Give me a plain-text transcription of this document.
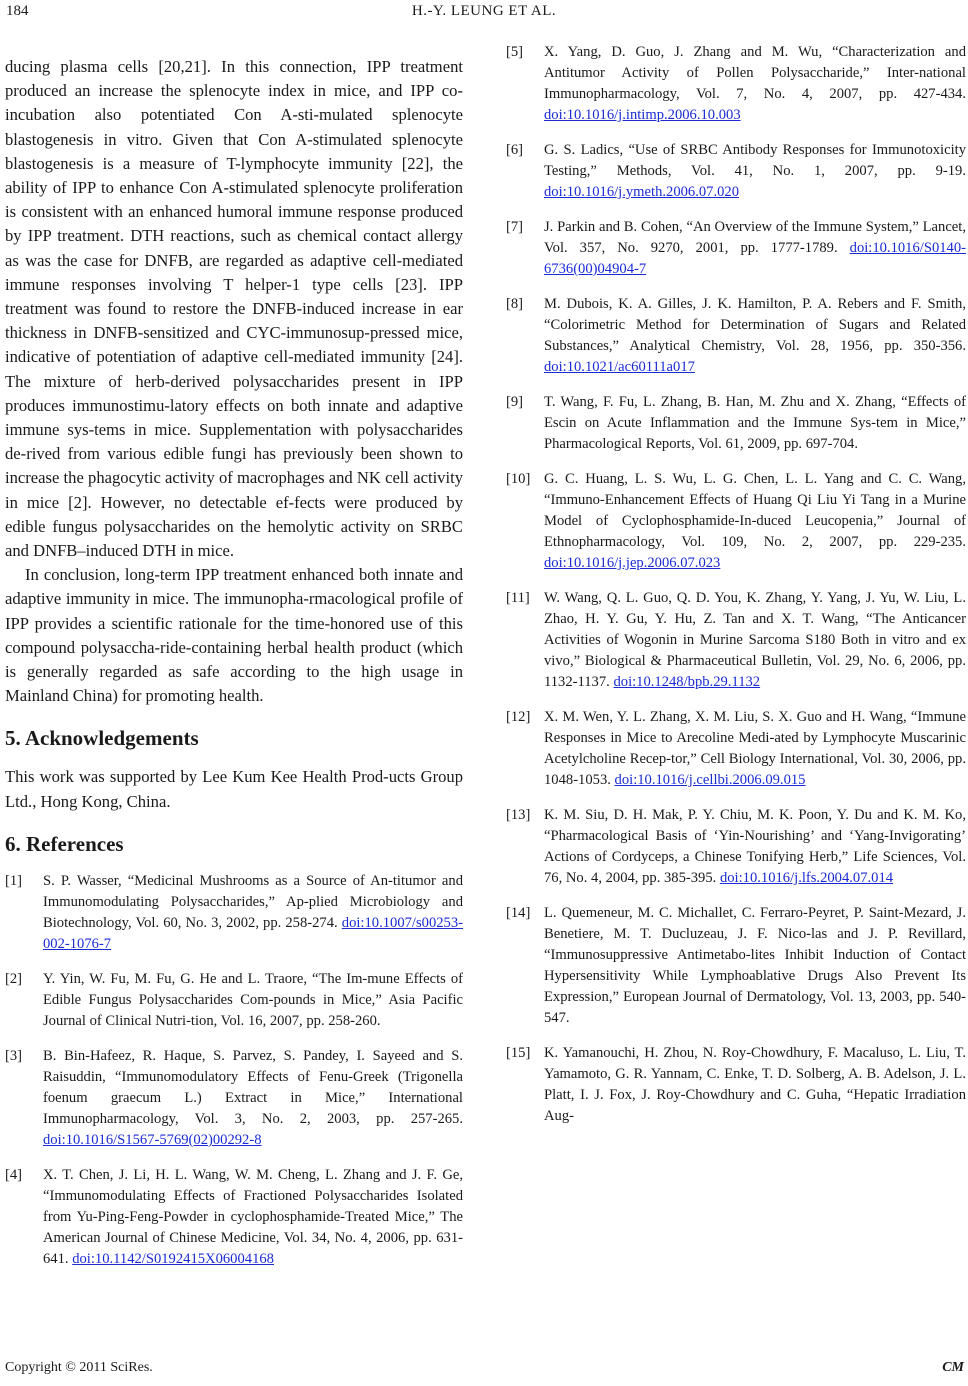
184	H.-Y. LEUNG ET AL.

ducing plasma cells [20,21]. In this connection, IPP treatment produced an increase the splenocyte index in mice, and IPP co-incubation also potentiated Con A-sti-mulated splenocyte blastogenesis in vitro. Given that Con A-stimulated splenocyte blastogenesis is a measure of T-lymphocyte immunity [22], the ability of IPP to enhance Con A-stimulated splenocyte proliferation is consistent with an enhanced humoral immune response produced by IPP treatment. DTH reactions, such as chemical contact allergy as was the case for DNFB, are regarded as adaptive cell-mediated immune responses involving T helper-1 type cells [23]. IPP treatment was found to restore the DNFB-induced increase in ear thickness in DNFB-sensitized and CYC-immunosup-pressed mice, indicative of potentiation of adaptive cell-mediated immunity [24]. The mixture of herb-derived polysaccharides present in IPP produces immunostimu-latory effects on both innate and adaptive immune sys-tems in mice. Supplementation with polysaccharides de-rived from various edible fungi has previously been shown to increase the phagocytic activity of macrophages and NK cell activity in mice [2]. However, no detectable ef-fects were produced by edible fungus polysaccharides on the hemolytic activity on SRBC and DNFB–induced DTH in mice.

In conclusion, long-term IPP treatment enhanced both innate and adaptive immunity in mice. The immunopha-rmacological profile of IPP provides a scientific rationale for the time-honored use of this compound polysaccha-ride-containing herbal health product (which is generally regarded as safe according to the high usage in Mainland China) for promoting health.

5. Acknowledgements

This work was supported by Lee Kum Kee Health Prod-ucts Group Ltd., Hong Kong, China.

6. References
[1]	S. P. Wasser, “Medicinal Mushrooms as a Source of An-titumor and Immunomodulating Polysaccharides,” Ap-plied Microbiology and Biotechnology, Vol. 60, No. 3, 2002, pp. 258-274. doi:10.1007/s00253-002-1076-7
[2]	Y. Yin, W. Fu, M. Fu, G. He and L. Traore, “The Im-mune Effects of Edible Fungus Polysaccharides Com-pounds in Mice,” Asia Pacific Journal of Clinical Nutri-tion, Vol. 16, 2007, pp. 258-260.
[3]	B. Bin-Hafeez, R. Haque, S. Parvez, S. Pandey, I. Sayeed and S. Raisuddin, “Immunomodulatory Effects of Fenu-Greek (Trigonella foenum graecum L.) Extract in Mice,” International Immunopharmacology, Vol. 3, No. 2, 2003, pp. 257-265. doi:10.1016/S1567-5769(02)00292-8
[4]	X. T. Chen, J. Li, H. L. Wang, W. M. Cheng, L. Zhang and J. F. Ge, “Immunomodulating Effects of Fractioned Polysaccharides Isolated from Yu-Ping-Feng-Powder in cyclophosphamide-Treated Mice,” The American Journal of Chinese Medicine, Vol. 34, No. 4, 2006, pp. 631-641. doi:10.1142/S0192415X06004168
[5]	X. Yang, D. Guo, J. Zhang and M. Wu, “Characterization and Antitumor Activity of Pollen Polysaccharide,” Inter-national Immunopharmacology, Vol. 7, No. 4, 2007, pp. 427-434. doi:10.1016/j.intimp.2006.10.003
[6]	G. S. Ladics, “Use of SRBC Antibody Responses for Immunotoxicity Testing,” Methods, Vol. 41, No. 1, 2007, pp. 9-19. doi:10.1016/j.ymeth.2006.07.020
[7]	J. Parkin and B. Cohen, “An Overview of the Immune System,” Lancet, Vol. 357, No. 9270, 2001, pp. 1777-1789. doi:10.1016/S0140-6736(00)04904-7
[8]	M. Dubois, K. A. Gilles, J. K. Hamilton, P. A. Rebers and F. Smith, “Colorimetric Method for Determination of Sugars and Related Substances,” Analytical Chemistry, Vol. 28, 1956, pp. 350-356. doi:10.1021/ac60111a017
[9]	T. Wang, F. Fu, L. Zhang, B. Han, M. Zhu and X. Zhang, “Effects of Escin on Acute Inflammation and the Immune Sys-tem in Mice,” Pharmacological Reports, Vol. 61, 2009, pp. 697-704.
[10] G. C. Huang, L. S. Wu, L. G. Chen, L. L. Yang and C. C. Wang, “Immuno-Enhancement Effects of Huang Qi Liu Yi Tang in a Murine Model of Cyclophosphamide-In-duced Leucopenia,” Journal of Ethnopharmacology, Vol. 109, No. 2, 2007, pp. 229-235. doi:10.1016/j.jep.2006.07.023
[11] W. Wang, Q. L. Guo, Q. D. You, K. Zhang, Y. Yang, J. Yu, W. Liu, L. Zhao, H. Y. Gu, Y. Hu, Z. Tan and X. T. Wang, “The Anticancer Activities of Wogonin in Murine Sarcoma S180 Both in vitro and ex vivo,” Biological & Pharmaceutical Bulletin, Vol. 29, No. 6, 2006, pp. 1132-1137. doi:10.1248/bpb.29.1132
[12] X. M. Wen, Y. L. Zhang, X. M. Liu, S. X. Guo and H. Wang, “Immune Responses in Mice to Arecoline Medi-ated by Lymphocyte Muscarinic Acetylcholine Recep-tor,” Cell Biology International, Vol. 30, 2006, pp. 1048-1053. doi:10.1016/j.cellbi.2006.09.015
[13] K. M. Siu, D. H. Mak, P. Y. Chiu, M. K. Poon, Y. Du and K. M. Ko, “Pharmacological Basis of ‘Yin-Nourishing’ and ‘Yang-Invigorating’ Actions of Cordyceps, a Chinese Tonifying Herb,” Life Sciences, Vol. 76, No. 4, 2004, pp. 385-395. doi:10.1016/j.lfs.2004.07.014
[14] L. Quemeneur, M. C. Michallet, C. Ferraro-Peyret, P. Saint-Mezard, J. Benetiere, M. T. Ducluzeau, J. F. Nico-las and J. P. Revillard, “Immunosuppressive Antimetabo-lites Inhibit Induction of Contact Hypersensitivity While Lymphoablative Drugs Also Prevent Its Expression,” European Journal of Dermatology, Vol. 13, 2003, pp. 540-547.
[15] K. Yamanouchi, H. Zhou, N. Roy-Chowdhury, F. Macaluso, L. Liu, T. Yamamoto, G. R. Yannam, C. Enke, T. D. Solberg, A. B. Adelson, J. L. Platt, I. J. Fox, J. Roy-Chowdhury and C. Guha, “Hepatic Irradiation Aug-
Copyright © 2011 SciRes.	CM
